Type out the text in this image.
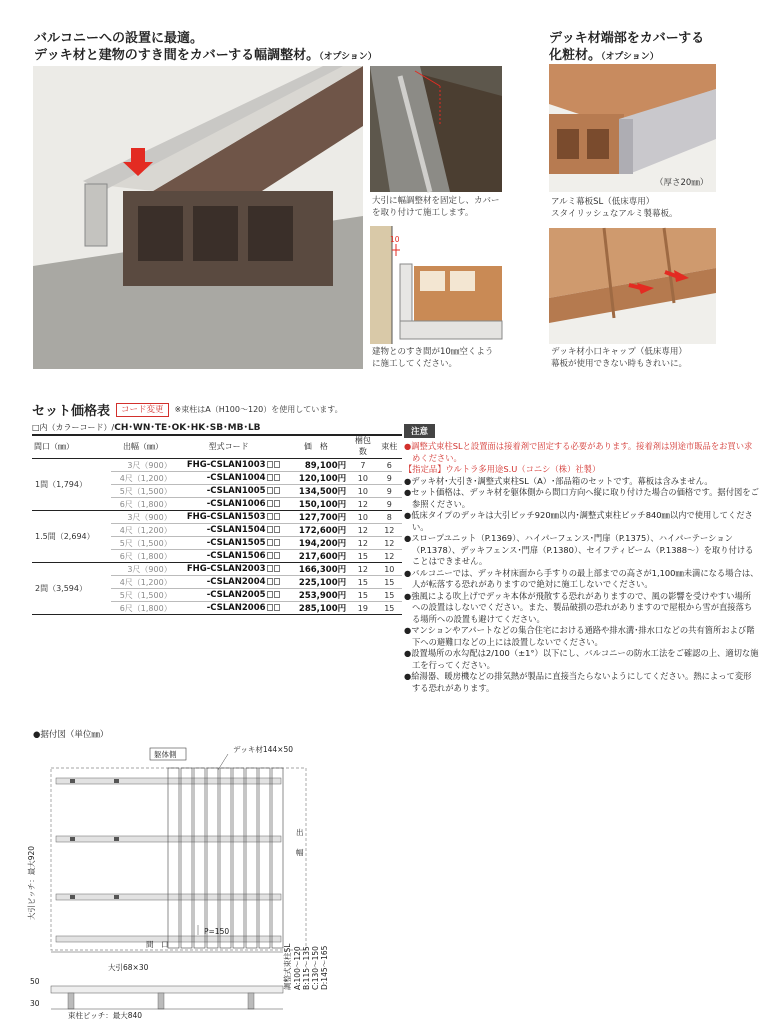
バルコニーへの設置に最適。
デッキ材と建物のすき間をカバーする幅調整材。（オプション）
デッキ材端部をカバーする
化粧材。（オプション）
大引に幅調整材を固定し、カバー
を取り付けて施工します。
10
建物とのすき間が10㎜空くよう
に施工してください。
（厚さ20㎜）
アルミ幕板SL（低床専用）
スタイリッシュなアルミ製幕板。
デッキ材小口キャップ（低床専用）
幕板が使用できない時もきれいに。
セット価格表	コード変更	※束柱はA（H100～120）を使用しています。
□内（カラーコード）/CH･WN･TE･OK･HK･SB･MB･LB
間口（㎜）	出幅（㎜）	型式コード	価　格	梱包数	束柱
1間（1,794）	3尺（900）	FHG-CSLAN1003	89,100円	7	6
	4尺（1,200）	-CSLAN1004	120,100円	10	9
	5尺（1,500）	-CSLAN1005	134,500円	10	9
	6尺（1,800）	-CSLAN1006	150,100円	12	9
1.5間（2,694）	3尺（900）	FHG-CSLAN1503	127,700円	10	8
	4尺（1,200）	-CSLAN1504	172,600円	12	12
	5尺（1,500）	-CSLAN1505	194,200円	12	12
	6尺（1,800）	-CSLAN1506	217,600円	15	12
2間（3,594）	3尺（900）	FHG-CSLAN2003	166,300円	12	10
	4尺（1,200）	-CSLAN2004	225,100円	15	15
	5尺（1,500）	-CSLAN2005	253,900円	15	15
	6尺（1,800）	-CSLAN2006	285,100円	19	15
注意
●調整式束柱SLと設置面は接着剤で固定する必要があります。接着剤は別途市販品をお買い求めください。
【指定品】ウルトラ多用途S.U（コニシ（株）社製）
●デッキ材･大引き･調整式束柱SL（A）･部品箱のセットです。幕板は含みません。
●セット価格は、デッキ材を躯体側から間口方向へ縦に取り付けた場合の価格です。据付図をご参照ください。
●低床タイプのデッキは大引ピッチ920㎜以内･調整式束柱ピッチ840㎜以内で使用してください。
●スロープユニット（P.1369）、ハイパーフェンス･門扉（P.1375）、ハイパーテーション（P.1378）、デッキフェンス･門扉（P.1380）、セイフティビーム（P.1388～）を取り付けることはできません。
●バルコニーでは、デッキ材床面から手すりの最上部までの高さが1,100㎜未満になる場合は、人が転落する恐れがありますので絶対に施工しないでください。
●強風による吹上げでデッキ本体が飛散する恐れがありますので、風の影響を受けやすい場所への設置はしないでください。また、製品破損の恐れがありますので屋根から雪が直接落ちる場所への設置も避けてください。
●マンションやアパートなどの集合住宅における通路や排水溝･排水口などの共有箇所および階下への避難口などの上には設置しないでください。
●設置場所の水勾配は2/100（±1°）以下にし、バルコニーの防水工法をご確認の上、適切な施工を行ってください。
●給湯器、暖房機などの排気熱が製品に直接当たらないようにしてください。熱によって変形する恐れがあります。
●据付図（単位㎜）
躯体側
デッキ材144×50
出
幅
大引ピッチ：最大920
P=150
間　口	調整式束柱SL A:100～120 B:115～135 C:130～150 D:145～165
大引68×30
束柱ピッチ：最大840
50
30
